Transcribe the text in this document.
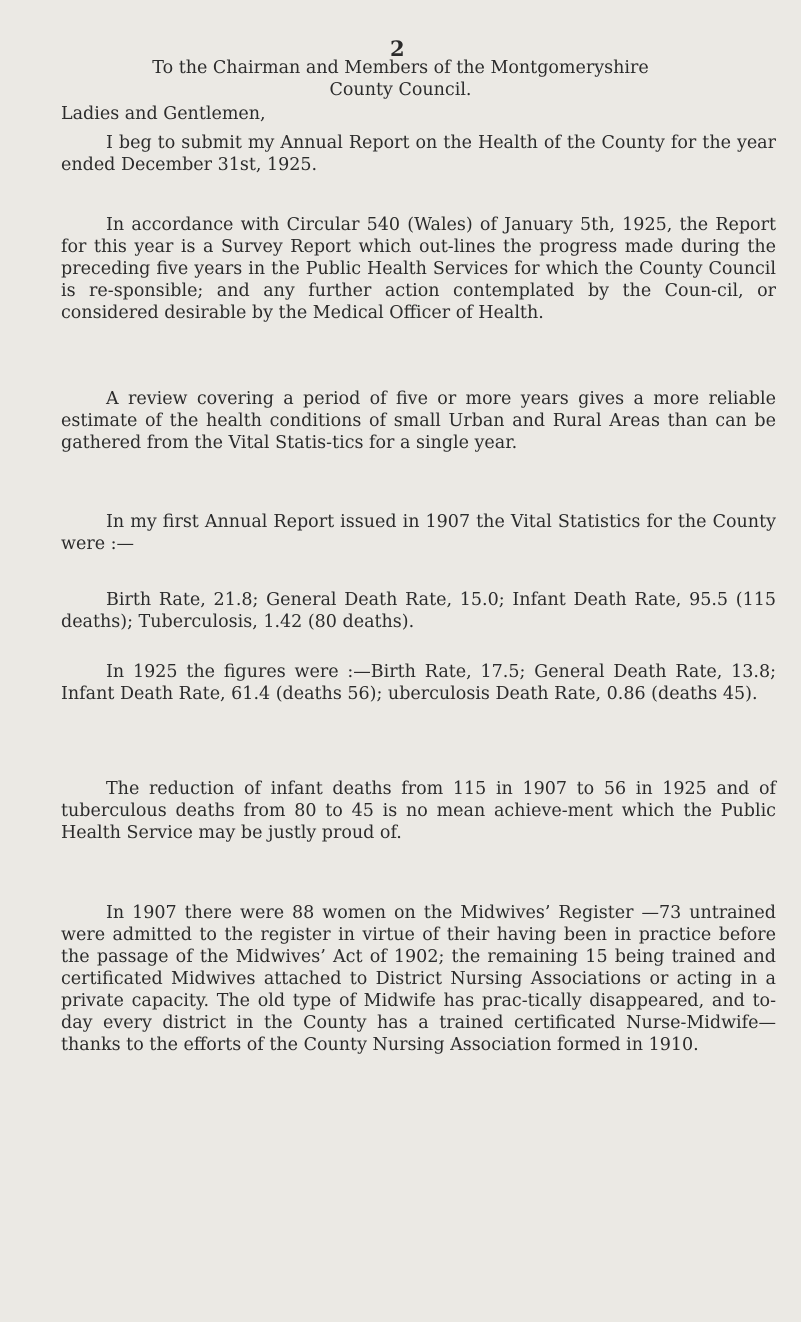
2

To the Chairman and Members of the Montgomeryshire

County Council.

Ladies and Gentlemen,

I beg to submit my Annual Report on the Health of the County for the year ended December 31st, 1925.

In accordance with Circular 540 (Wales) of January 5th, 1925, the Report for this year is a Survey Report which out-lines the progress made during the preceding five years in the Public Health Services for which the County Council is re-sponsible; and any further action contemplated by the Coun-cil, or considered desirable by the Medical Officer of Health.

A review covering a period of five or more years gives a more reliable estimate of the health conditions of small Urban and Rural Areas than can be gathered from the Vital Statis-tics for a single year.

In my first Annual Report issued in 1907 the Vital Statistics for the County were :—

Birth Rate, 21.8; General Death Rate, 15.0; Infant Death Rate, 95.5 (115 deaths); Tuberculosis, 1.42 (80 deaths).

In 1925 the figures were :—Birth Rate, 17.5; General Death Rate, 13.8; Infant Death Rate, 61.4 (deaths 56); uberculosis Death Rate, 0.86 (deaths 45).

The reduction of infant deaths from 115 in 1907 to 56 in 1925 and of tuberculous deaths from 80 to 45 is no mean achieve-ment which the Public Health Service may be justly proud of.

In 1907 there were 88 women on the Midwives’ Register —73 untrained were admitted to the register in virtue of their having been in practice before the passage of the Midwives’ Act of 1902; the remaining 15 being trained and certificated Midwives attached to District Nursing Associations or acting in a private capacity. The old type of Midwife has prac-tically disappeared, and to-day every district in the County has a trained certificated Nurse-Midwife—thanks to the efforts of the County Nursing Association formed in 1910.
